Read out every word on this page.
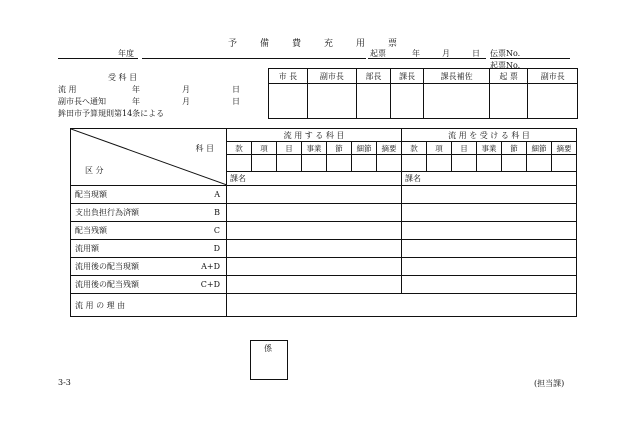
予	備	費	充	用	票
年度	起票	年	月	日 伝票No.
起票No.
受 科 目
流 用	年	月	日
副市長へ通知	年	月	日
鉾田市予算規則第14条による
市 長	副市長	部長	課長	課長補佐	起 票	副市長

科 目
区 分	流 用 す る 科 目							流 用 を 受 け る 科 目						
	款	項	目	事業	節	細節	摘要	款	項	目	事業	節	細節	摘要

	課名							課名						
配当現額 A														

支出負担行為済額 B														

配当残額 C														

流用額 D														

流用後の配当現額 A+D														

流用後の配当残額 C+D														

流 用 の 理 由														
係
3-3	(担当課)
